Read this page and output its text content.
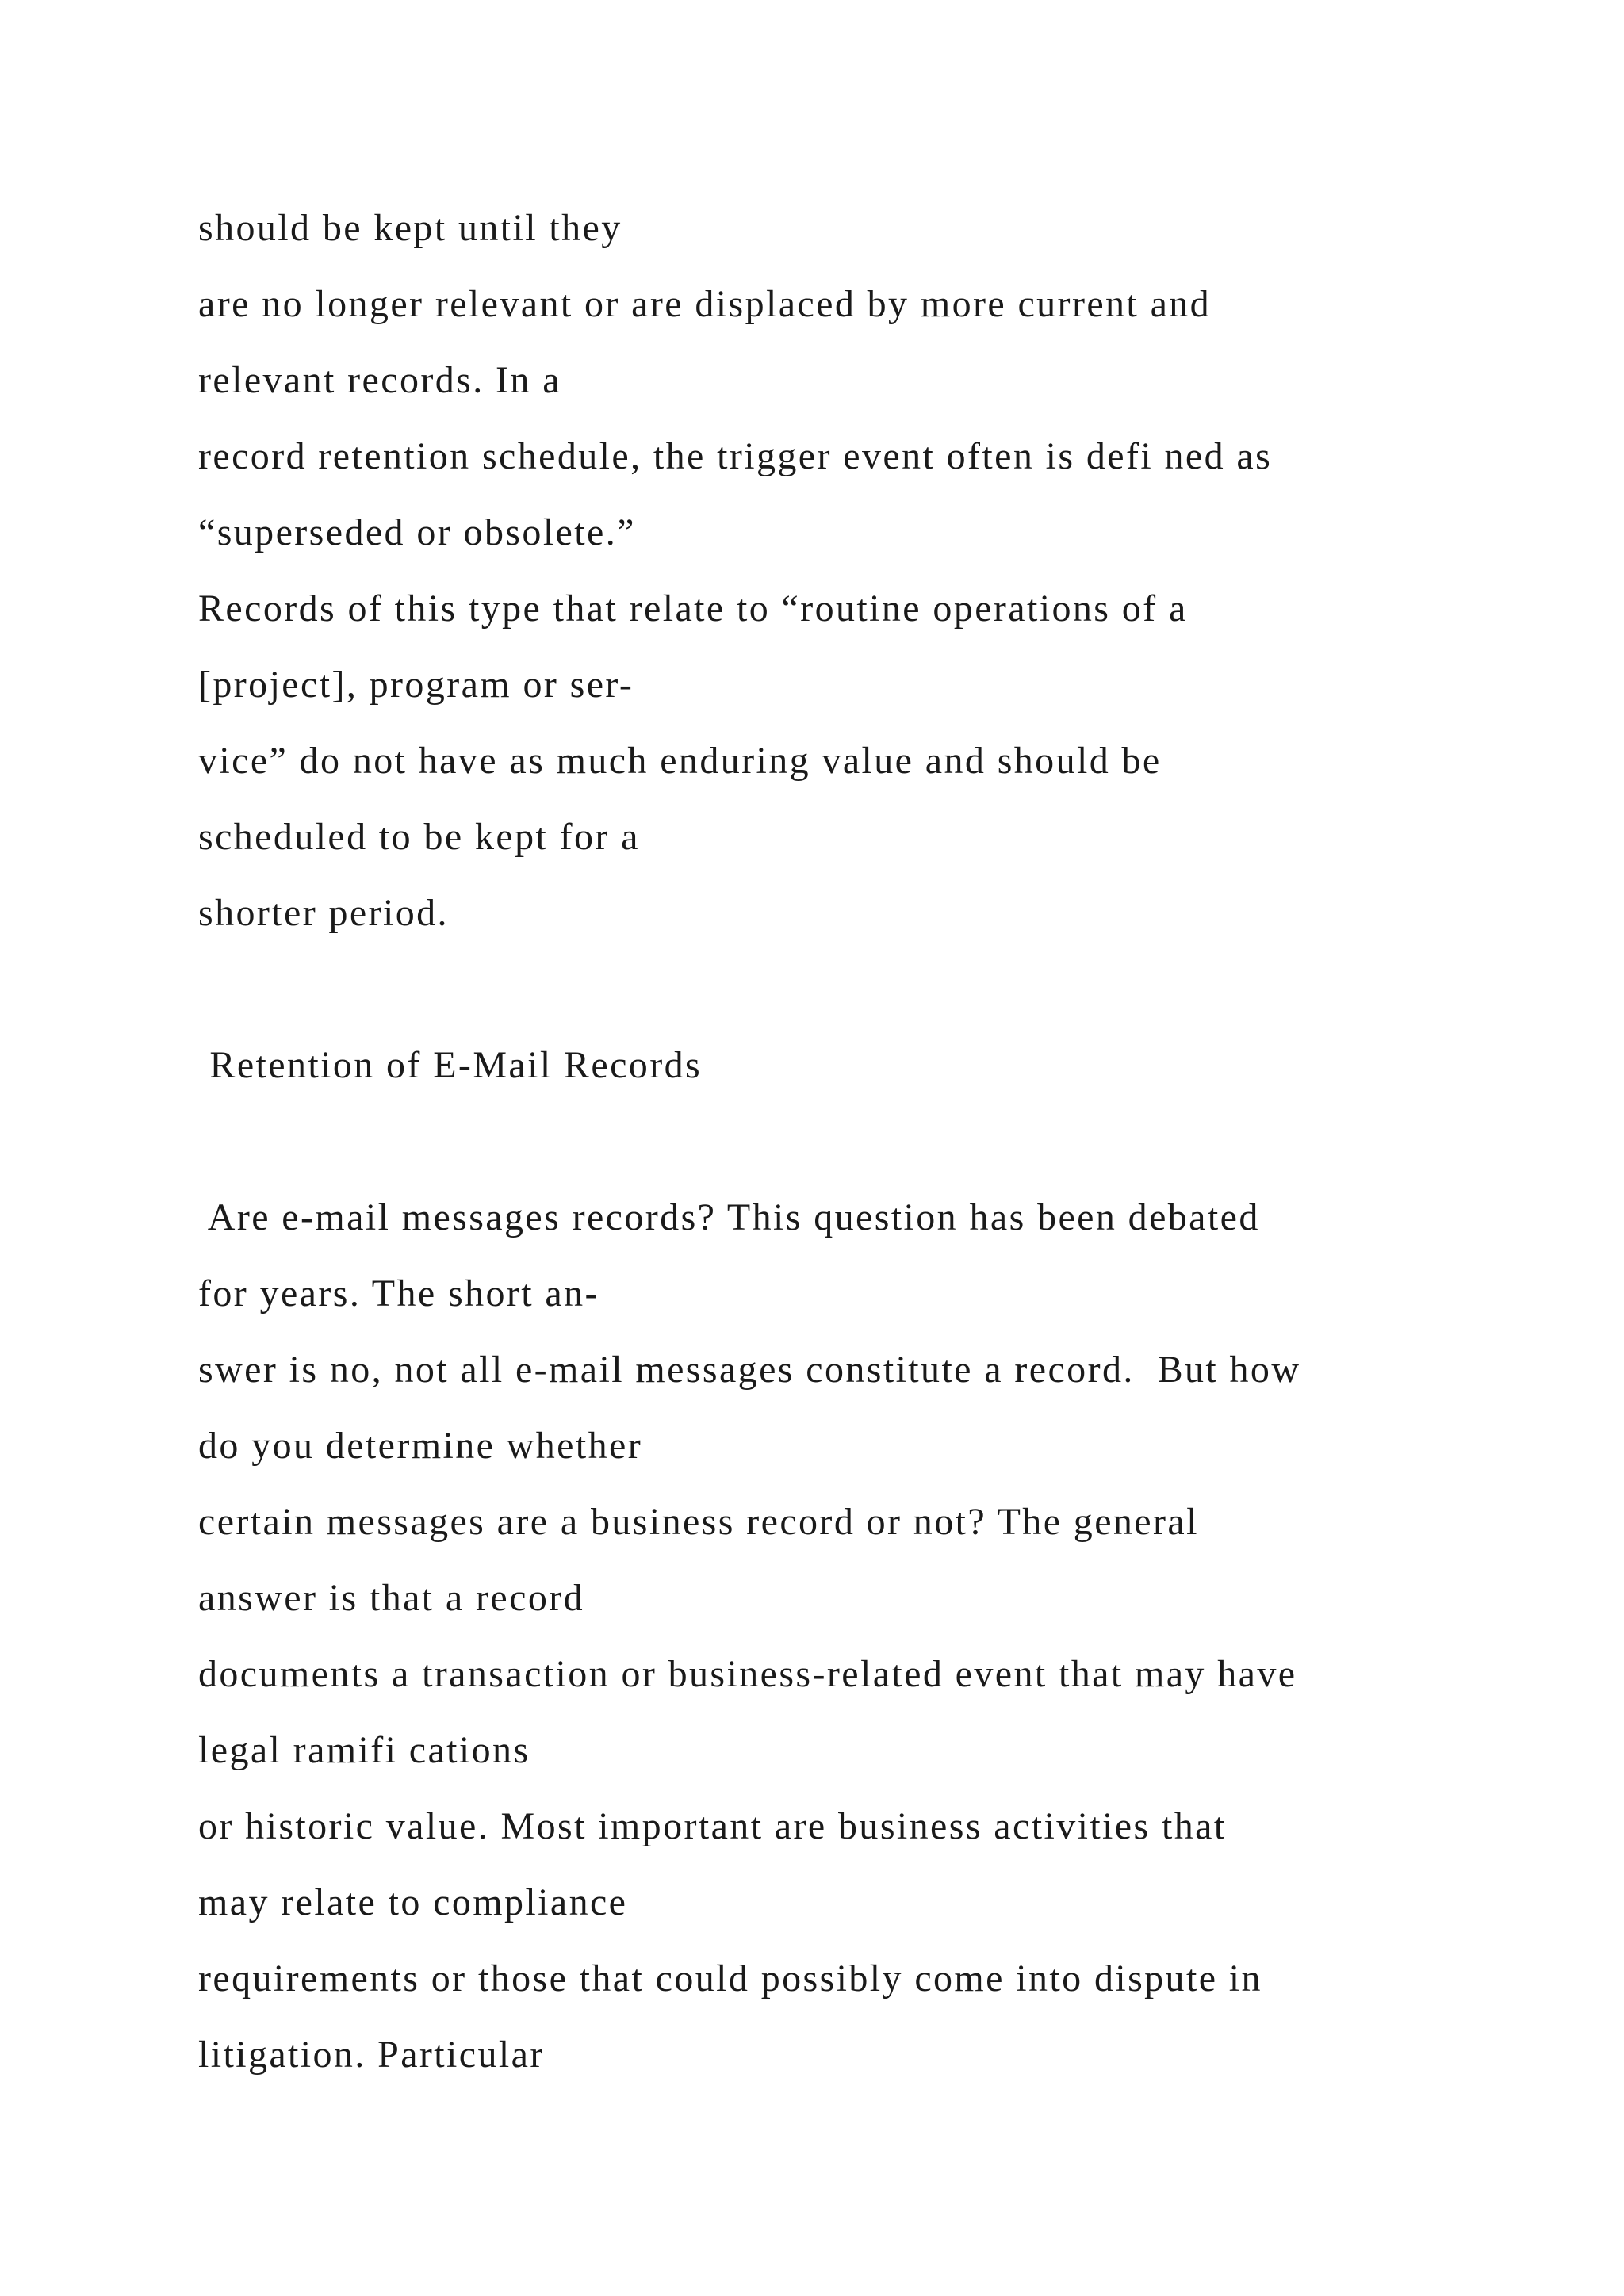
should be kept until they
are no longer relevant or are displaced by more current and
relevant records. In a
record retention schedule, the trigger event often is defi ned as
“superseded or obsolete.”
Records of this type that relate to “routine operations of a
[project], program or ser-
vice” do not have as much enduring value and should be
scheduled to be kept for a
shorter period.
Retention of E-Mail Records
Are e-mail messages records? This question has been debated
for years. The short an-
swer is no, not all e-mail messages constitute a record.  But how
do you determine whether
certain messages are a business record or not? The general
answer is that a record
documents a transaction or business-related event that may have
legal ramifi cations
or historic value. Most important are business activities that
may relate to compliance
requirements or those that could possibly come into dispute in
litigation. Particular
